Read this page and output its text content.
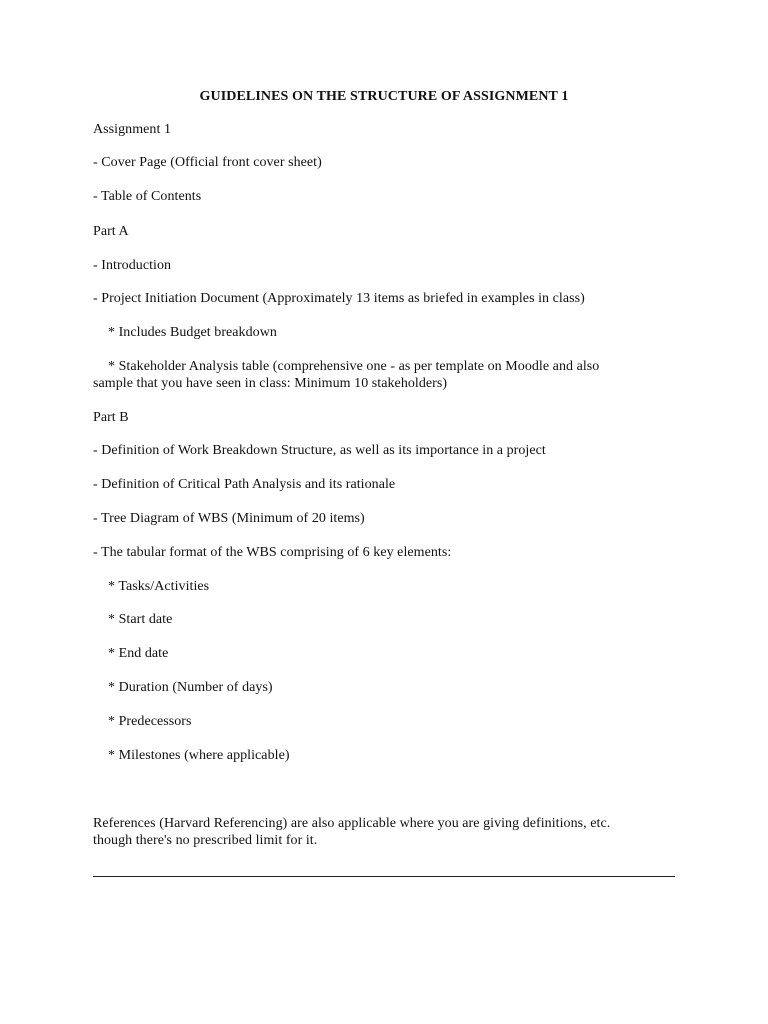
GUIDELINES ON THE STRUCTURE OF ASSIGNMENT 1
Assignment 1
- Cover Page (Official front cover sheet)
- Table of Contents
Part A
- Introduction
- Project Initiation Document (Approximately 13 items as briefed in examples in class)
* Includes Budget breakdown
* Stakeholder Analysis table (comprehensive one - as per template on Moodle and also
sample that you have seen in class: Minimum 10 stakeholders)
Part B
- Definition of Work Breakdown Structure, as well as its importance in a project
- Definition of Critical Path Analysis and its rationale
- Tree Diagram of WBS (Minimum of 20 items)
- The tabular format of the WBS comprising of 6 key elements:
* Tasks/Activities
* Start date
* End date
* Duration (Number of days)
* Predecessors
* Milestones (where applicable)
References (Harvard Referencing) are also applicable where you are giving definitions, etc.
though there's no prescribed limit for it.
